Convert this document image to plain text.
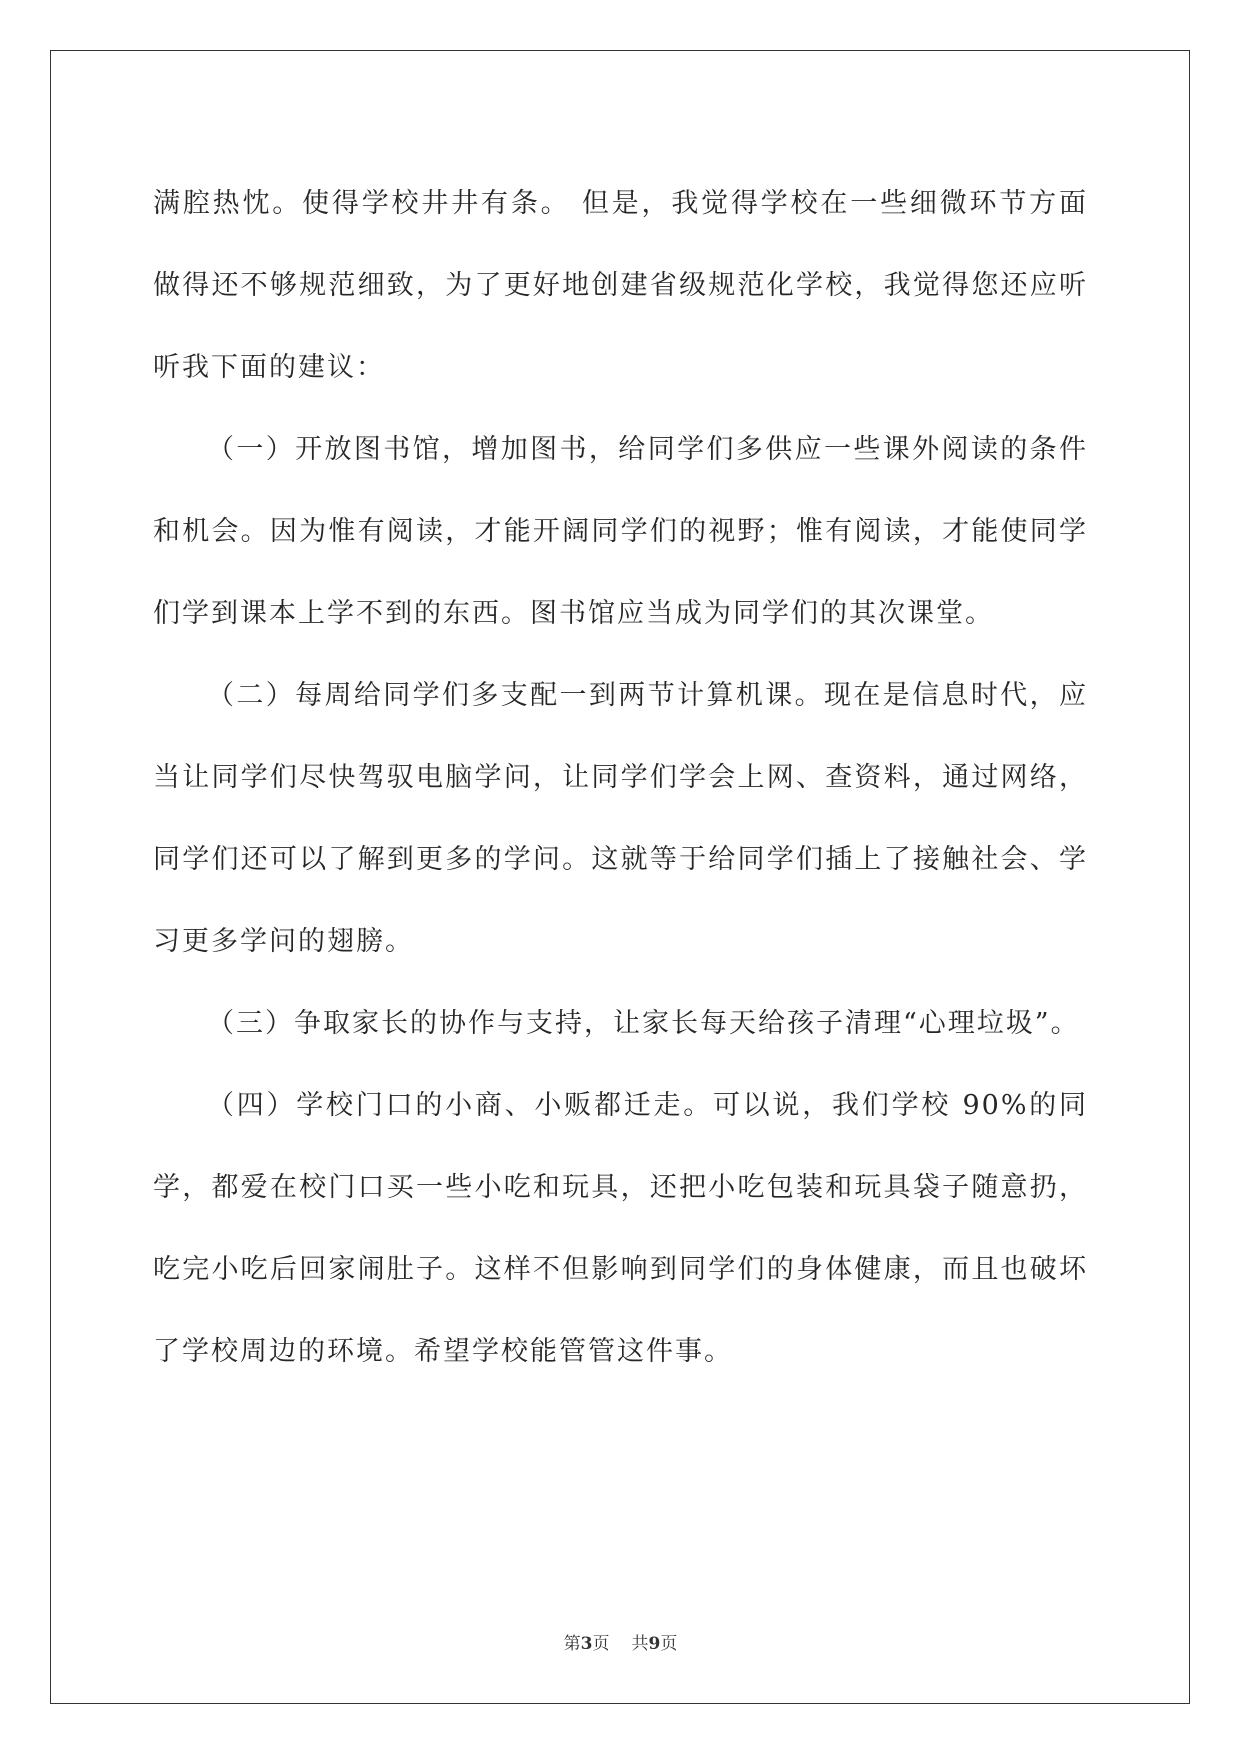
满腔热忱。使得学校井井有条。 但是，我觉得学校在一些细微环节方面做得还不够规范细致，为了更好地创建省级规范化学校，我觉得您还应听听我下面的建议：

（一）开放图书馆，增加图书，给同学们多供应一些课外阅读的条件和机会。因为惟有阅读，才能开阔同学们的视野；惟有阅读，才能使同学们学到课本上学不到的东西。图书馆应当成为同学们的其次课堂。

（二）每周给同学们多支配一到两节计算机课。现在是信息时代，应当让同学们尽快驾驭电脑学问，让同学们学会上网、查资料，通过网络，同学们还可以了解到更多的学问。这就等于给同学们插上了接触社会、学习更多学问的翅膀。

（三）争取家长的协作与支持，让家长每天给孩子清理“心理垃圾”。

（四）学校门口的小商、小贩都迁走。可以说，我们学校 90%的同学，都爱在校门口买一些小吃和玩具，还把小吃包装和玩具袋子随意扔，吃完小吃后回家闹肚子。这样不但影响到同学们的身体健康，而且也破坏了学校周边的环境。希望学校能管管这件事。

第3页 共9页
